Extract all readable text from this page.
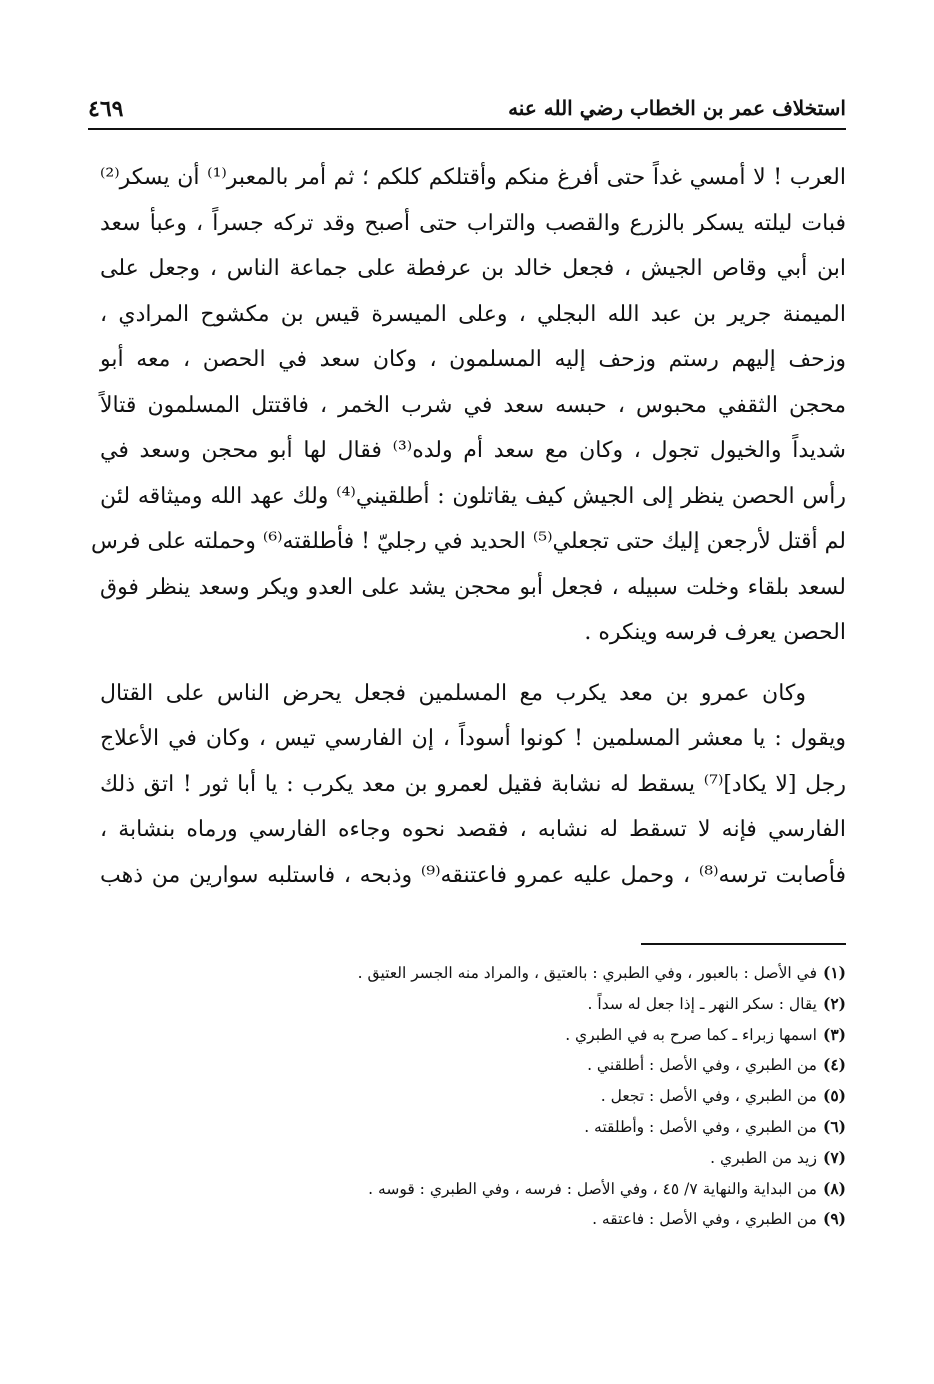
استخلاف عمر بن الخطاب رضي الله عنه
٤٦٩

العرب ! لا أمسي غداً حتى أفرغ منكم وأقتلكم كلكم ؛ ثم أمر بالمعبر⁽¹⁾ أن يسكر⁽²⁾
فبات ليلته يسكر بالزرع والقصب والتراب حتى أصبح وقد تركه جسراً ، وعبأ سعد
ابن أبي وقاص الجيش ، فجعل خالد بن عرفطة على جماعة الناس ، وجعل على
الميمنة جرير بن عبد الله البجلي ، وعلى الميسرة قيس بن مكشوح المرادي ،
وزحف إليهم رستم وزحف إليه المسلمون ، وكان سعد في الحصن ، معه أبو
محجن الثقفي محبوس ، حبسه سعد في شرب الخمر ، فاقتتل المسلمون قتالاً
شديداً والخيول تجول ، وكان مع سعد أم ولده⁽³⁾ فقال لها أبو محجن وسعد في
رأس الحصن ينظر إلى الجيش كيف يقاتلون : أطلقيني⁽⁴⁾ ولك عهد الله وميثاقه لئن
لم أقتل لأرجعن إليك حتى تجعلي⁽⁵⁾ الحديد في رجليّ ! فأطلقته⁽⁶⁾ وحملته على فرس
لسعد بلقاء وخلت سبيله ، فجعل أبو محجن يشد على العدو ويكر وسعد ينظر فوق
الحصن يعرف فرسه وينكره .

وكان عمرو بن معد يكرب مع المسلمين فجعل يحرض الناس على القتال
ويقول : يا معشر المسلمين ! كونوا أسوداً ، إن الفارسي تيس ، وكان في الأعلاج
رجل [لا يكاد]⁽⁷⁾ يسقط له نشابة فقيل لعمرو بن معد يكرب : يا أبا ثور ! اتق ذلك
الفارسي فإنه لا تسقط له نشابه ، فقصد نحوه وجاءه الفارسي ورماه بنشابة ،
فأصابت ترسه⁽⁸⁾ ، وحمل عليه عمرو فاعتنقه⁽⁹⁾ وذبحه ، فاستلبه سوارين من ذهب

(١)في الأصل : بالعبور ، وفي الطبري : بالعتيق ، والمراد منه الجسر العتيق .
(٢)يقال : سكر النهر ـ إذا جعل له سداً .
(٣)اسمها زبراء ـ كما صرح به في الطبري .
(٤)من الطبري ، وفي الأصل : أطلقني .
(٥)من الطبري ، وفي الأصل : تجعل .
(٦)من الطبري ، وفي الأصل : وأطلقته .
(٧)زيد من الطبري .
(٨)من البداية والنهاية ٧/ ٤٥ ، وفي الأصل : فرسه ، وفي الطبري : قوسه .
(٩)من الطبري ، وفي الأصل : فاعتقه .
